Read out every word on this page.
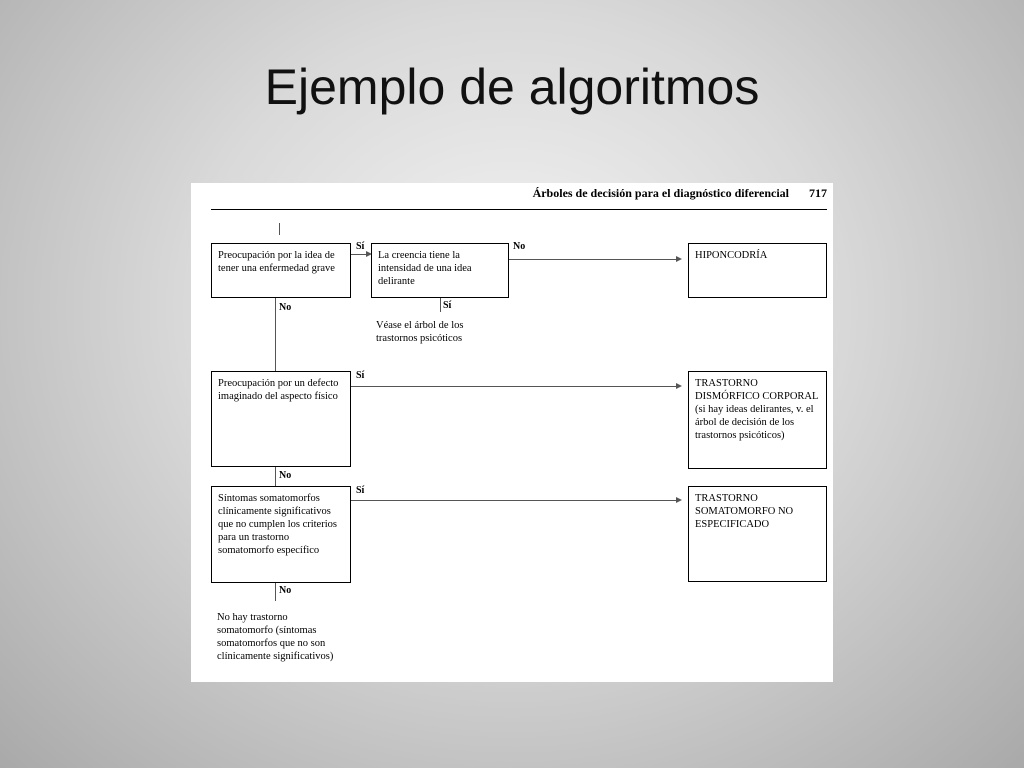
Ejemplo de algoritmos
Árboles de decisión para el diagnóstico diferencial 717
Preocupación por la idea de tener una enfermedad grave
Sí
La creencia tiene la intensidad de una idea delirante
No
HIPONCODRÍA
Sí
Véase el árbol de los trastornos psicóticos
No
Preocupación por un defecto imaginado del aspecto físico
Sí
TRASTORNO DISMÓRFICO CORPORAL (si hay ideas delirantes, v. el árbol de decisión de los trastornos psicóticos)
No
Síntomas somatomorfos clínicamente significativos que no cumplen los criterios para un trastorno somatomorfo específico
Sí
TRASTORNO SOMATOMORFO NO ESPECIFICADO
No
No hay trastorno somatomorfo (síntomas somatomorfos que no son clínicamente significativos)
